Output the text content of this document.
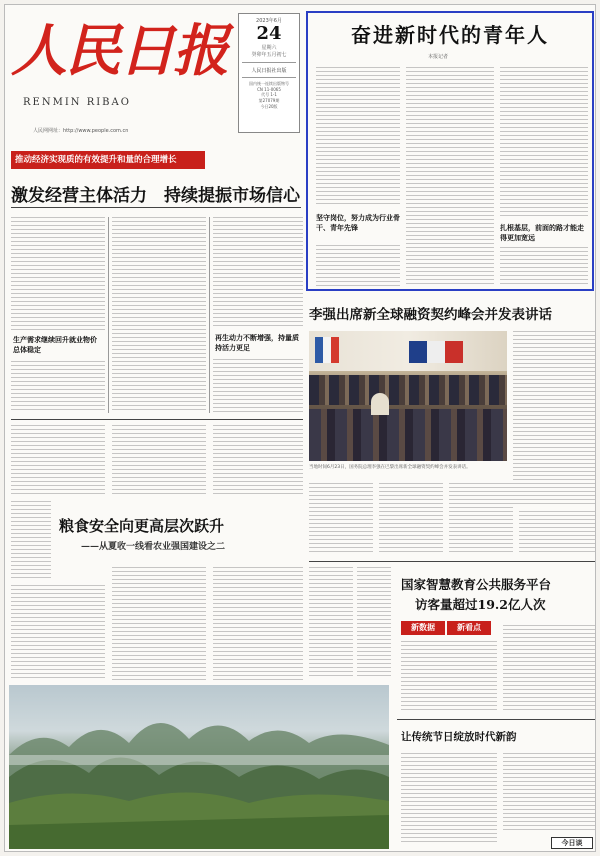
人民日报
RENMIN RIBAO
人民网网址：http://www.people.com.cn
2023年6月
24
星期六
癸卯年五月初七
人民日报社出版
国内统一连续出版物号
CN 11-0065
代号 1-1
第27079期
今日20版
奋进新时代的青年人
本报记者
坚守岗位，努力成为行业骨干、青年先锋	扎根基层，前面的路才能走得更加宽远
推动经济实现质的有效提升和量的合理增长
激发经营主体活力　持续提振市场信心
生产需求继续回升就业物价总体稳定
再生动力不断增强，持量质持活力更足
粮食安全向更高层次跃升
——从夏收一线看农业强国建设之二
李强出席新全球融资契约峰会并发表讲话
当地时间6月23日，国务院总理李强在巴黎出席新全球融资契约峰会并发表讲话。
国家智慧教育公共服务平台
访客量超过19.2亿人次
新数据	新看点
让传统节日绽放时代新韵
今日谈
